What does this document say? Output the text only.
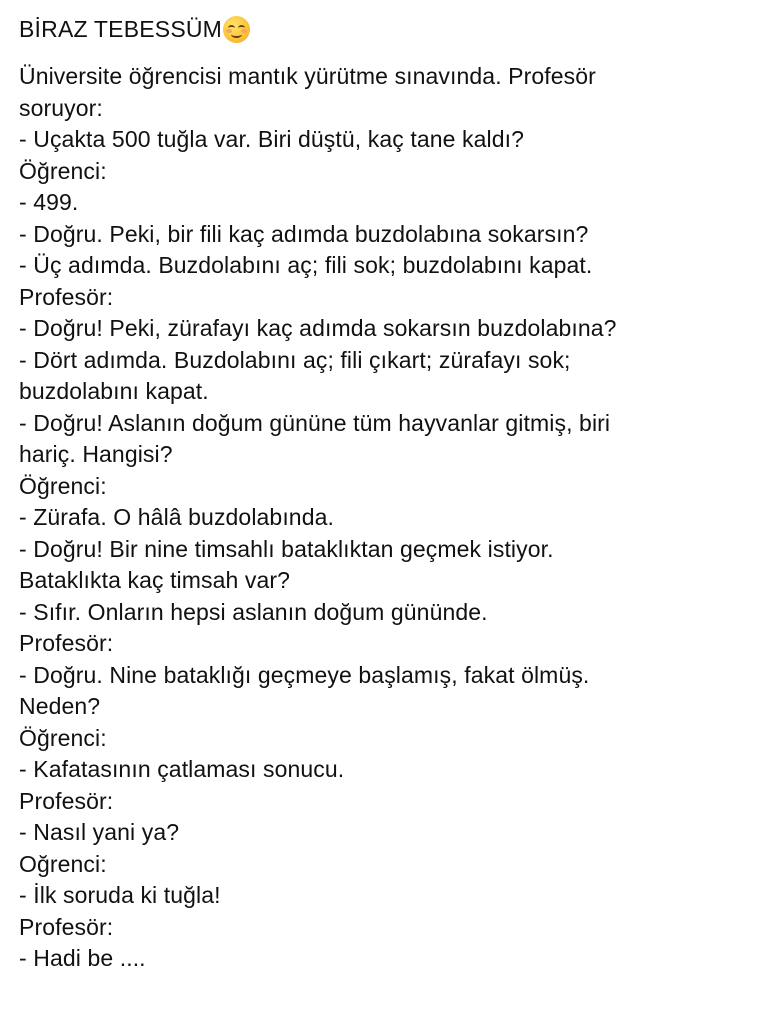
BİRAZ TEBESSÜM
Üniversite öğrencisi mantık yürütme sınavında. Profesör
soruyor:
- Uçakta 500 tuğla var. Biri düştü, kaç tane kaldı?
Öğrenci:
- 499.
- Doğru. Peki, bir fili kaç adımda buzdolabına sokarsın?
- Üç adımda. Buzdolabını aç; fili sok; buzdolabını kapat.
Profesör:
- Doğru! Peki, zürafayı kaç adımda sokarsın buzdolabına?
- Dört adımda. Buzdolabını aç; fili çıkart; zürafayı sok;
buzdolabını kapat.
- Doğru! Aslanın doğum gününe tüm hayvanlar gitmiş, biri
hariç. Hangisi?
Öğrenci:
- Zürafa. O hâlâ buzdolabında.
- Doğru! Bir nine timsahlı bataklıktan geçmek istiyor.
Bataklıkta kaç timsah var?
- Sıfır. Onların hepsi aslanın doğum gününde.
Profesör:
- Doğru. Nine bataklığı geçmeye başlamış, fakat ölmüş.
Neden?
Öğrenci:
- Kafatasının çatlaması sonucu.
Profesör:
- Nasıl yani ya?
Oğrenci:
- İlk soruda ki tuğla!
Profesör:
- Hadi be ....
